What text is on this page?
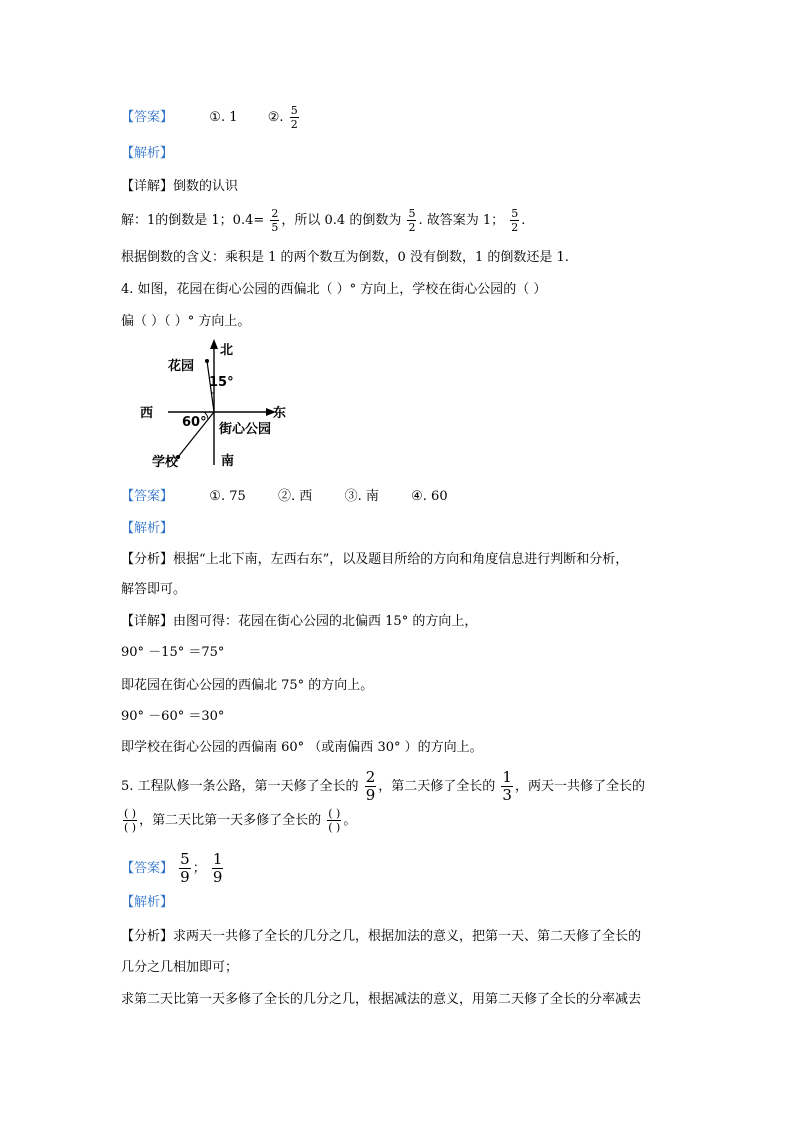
【答案】	①. 1 ②. $\frac{5}{2}$
【解析】
【详解】倒数的认识
解：1的倒数是 1；$0.4= \frac{2}{5}$ ，所以 0.4 的倒数为 $\frac{5}{2}$ . 故答案为 1； $\frac{5}{2}$ .
根据倒数的含义：乘积是 1 的两个数互为倒数，0 没有倒数，1 的倒数还是 1.
4. 如图，花园在街心公园的西偏北（ ）° 方向上，学校在街心公园的（ ）
偏（ ）（ ）° 方向上。
北
南
东
西
花园
学校
街心公园
15°
60°
【答案】	①. 75 ②. 西 ③. 南 ④. 60
【解析】
【分析】根据“上北下南，左西右东”，以及题目所给的方向和角度信息进行判断和分析，
解答即可。
【详解】由图可得：花园在街心公园的北偏西 15° 的方向上，
90° －15° ＝75°
即花园在街心公园的西偏北 75° 的方向上。
90° －60° ＝30°
即学校在街心公园的西偏南 60° （或南偏西 30° ）的方向上。
5. 工程队修一条公路，第一天修了全长的 $\frac{2}{9}$ ，第二天修了全长的 $\frac{1}{3}$ ，两天一共修了全长的
$\frac{( )}{( )}$ ，第二天比第一天多修了全长的 $\frac{( )}{( )}$ 。
【答案】 $\frac{5}{9}$ ； $\frac{1}{9}$
【解析】
【分析】求两天一共修了全长的几分之几，根据加法的意义，把第一天、第二天修了全长的
几分之几相加即可；
求第二天比第一天多修了全长的几分之几，根据减法的意义，用第二天修了全长的分率减去
